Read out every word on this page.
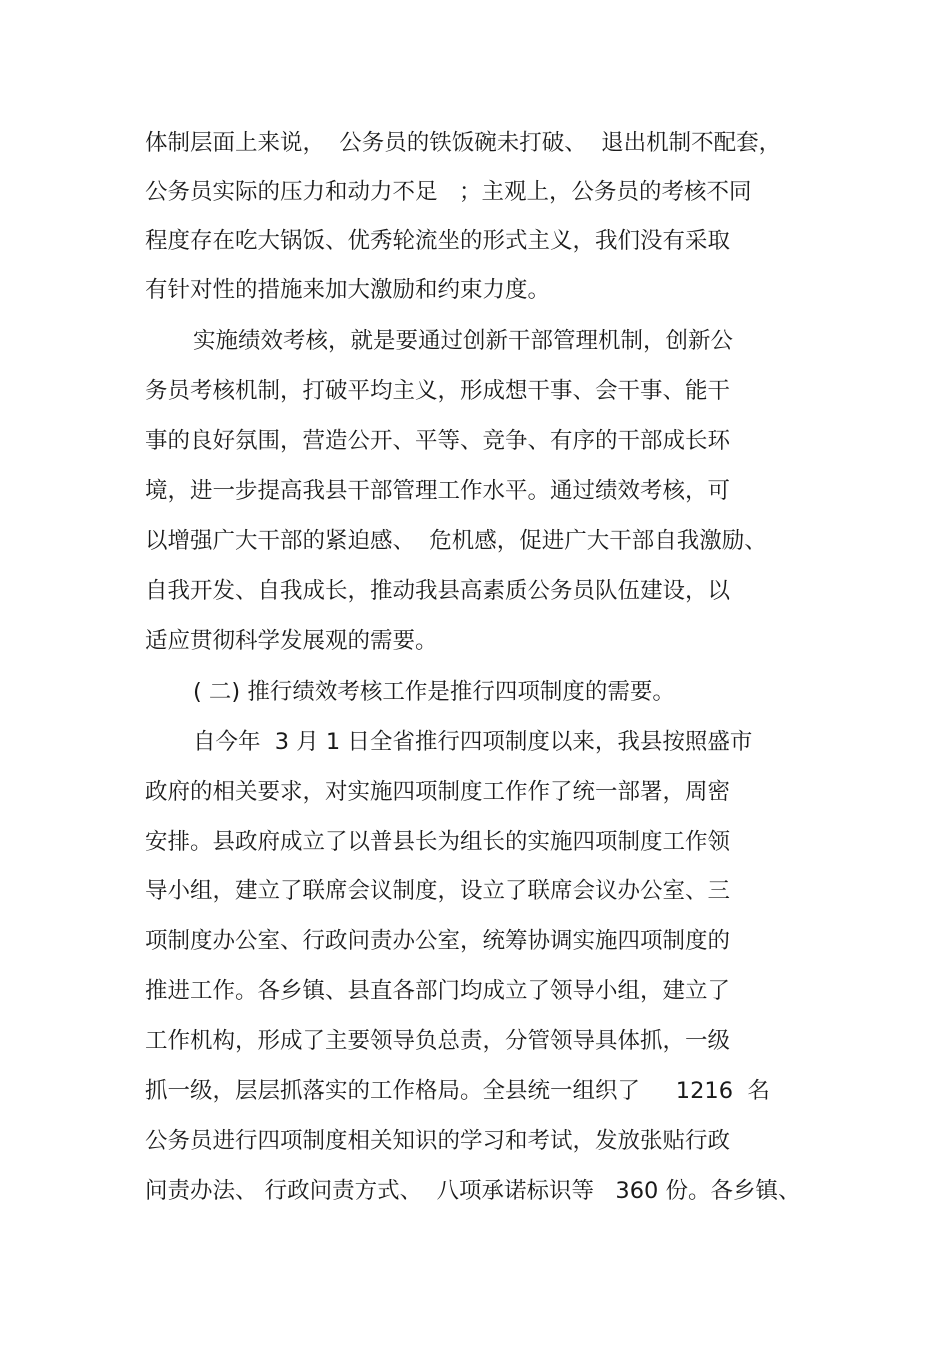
体制层面上来说，  公务员的铁饭碗未打破、  退出机制不配套，

公务员实际的压力和动力不足   ；主观上，公务员的考核不同

程度存在吃大锅饭、优秀轮流坐的形式主义，我们没有采取

有针对性的措施来加大激励和约束力度。

实施绩效考核，就是要通过创新干部管理机制，创新公

务员考核机制，打破平均主义，形成想干事、会干事、能干

事的良好氛围，营造公开、平等、竞争、有序的干部成长环

境，进一步提高我县干部管理工作水平。通过绩效考核，可

以增强广大干部的紧迫感、  危机感，促进广大干部自我激励、

自我开发、自我成长，推动我县高素质公务员队伍建设，以

适应贯彻科学发展观的需要。

( 二) 推行绩效考核工作是推行四项制度的需要。

自今年  3 月 1 日全省推行四项制度以来，我县按照盛市

政府的相关要求，对实施四项制度工作作了统一部署，周密

安排。县政府成立了以普县长为组长的实施四项制度工作领

导小组，建立了联席会议制度，设立了联席会议办公室、三

项制度办公室、行政问责办公室，统筹协调实施四项制度的

推进工作。各乡镇、县直各部门均成立了领导小组，建立了

工作机构，形成了主要领导负总责，分管领导具体抓，一级

抓一级，层层抓落实的工作格局。全县统一组织了     1216  名

公务员进行四项制度相关知识的学习和考试，发放张贴行政

问责办法、 行政问责方式、  八项承诺标识等   360 份。各乡镇、
